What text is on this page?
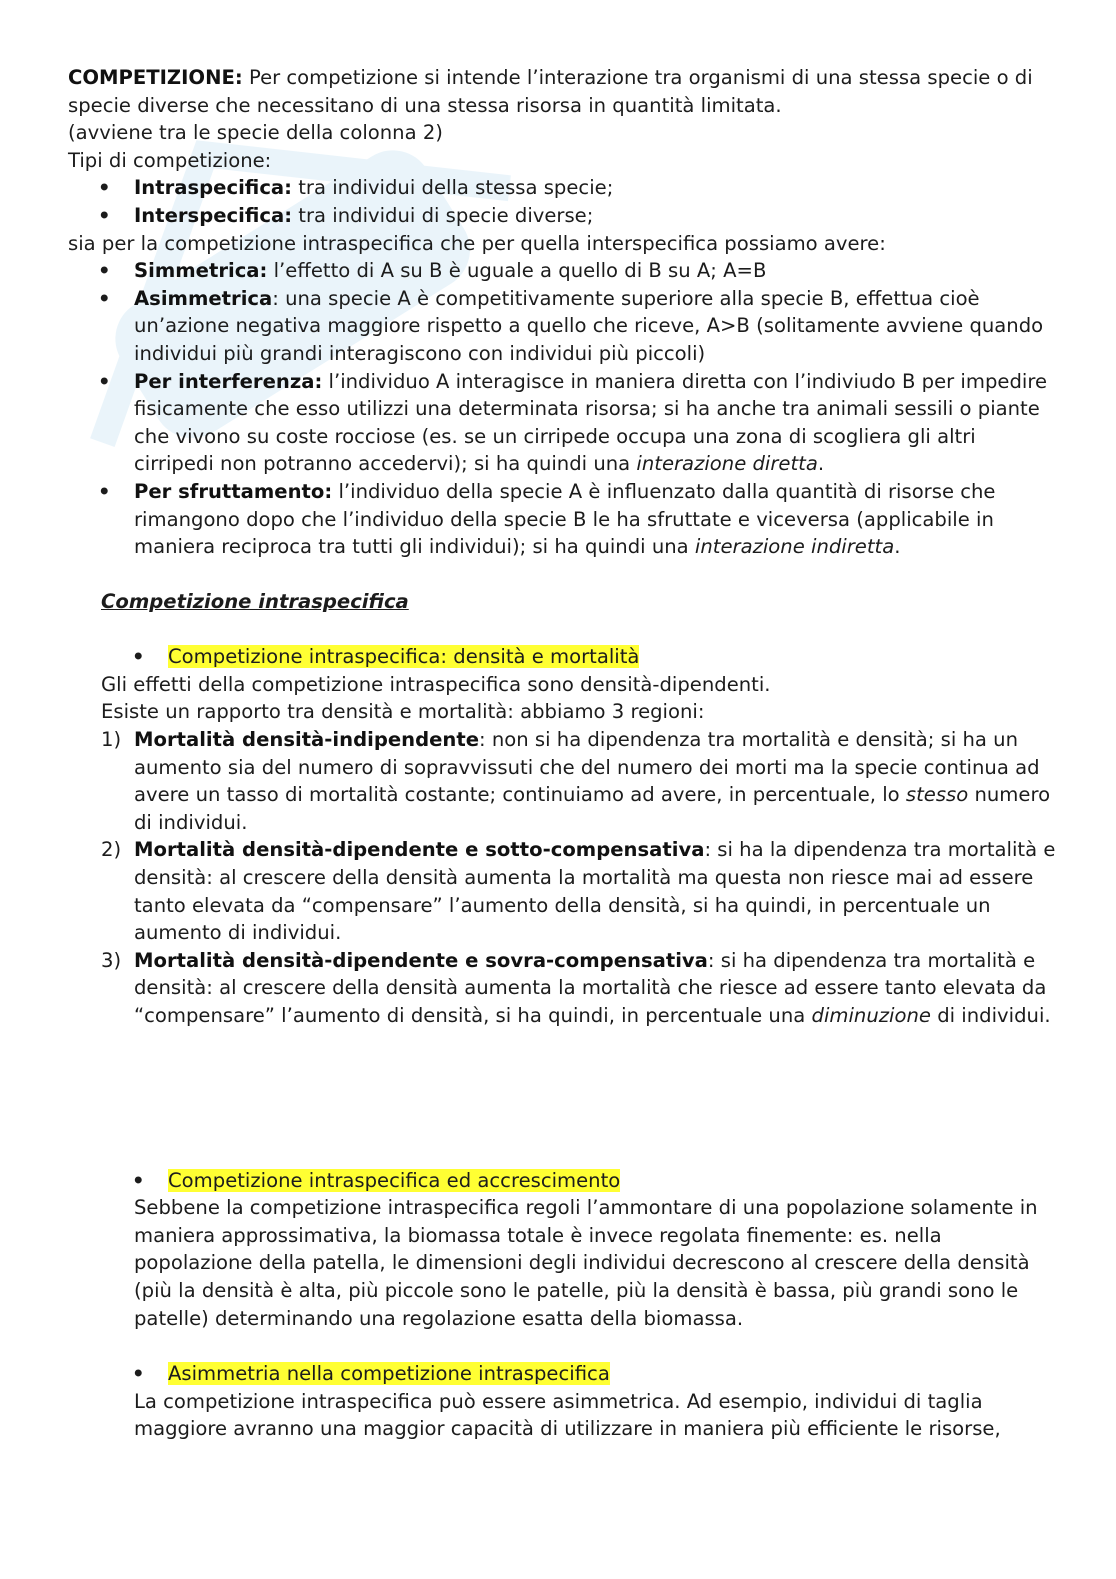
COMPETIZIONE: Per competizione si intende l’interazione tra organismi di una stessa specie o di specie diverse che necessitano di una stessa risorsa in quantità limitata.

(avviene tra le specie della colonna 2)

Tipi di competizione:

• Intraspecifica: tra individui della stessa specie;

• Interspecifica: tra individui di specie diverse;

sia per la competizione intraspecifica che per quella interspecifica possiamo avere:

• Simmetrica: l’effetto di A su B è uguale a quello di B su A; A=B

• Asimmetrica: una specie A è competitivamente superiore alla specie B, effettua cioè un’azione negativa maggiore rispetto a quello che riceve, A>B (solitamente avviene quando individui più grandi interagiscono con individui più piccoli)

• Per interferenza: l’individuo A interagisce in maniera diretta con l’indiviudo B per impedire fisicamente che esso utilizzi una determinata risorsa; si ha anche tra animali sessili o piante che vivono su coste rocciose (es. se un cirripede occupa una zona di scogliera gli altri cirripedi non potranno accedervi); si ha quindi una interazione diretta.

• Per sfruttamento: l’individuo della specie A è influenzato dalla quantità di risorse che rimangono dopo che l’individuo della specie B le ha sfruttate e viceversa (applicabile in maniera reciproca tra tutti gli individui); si ha quindi una interazione indiretta.

Competizione intraspecifica

• Competizione intraspecifica: densità e mortalità

Gli effetti della competizione intraspecifica sono densità-dipendenti.

Esiste un rapporto tra densità e mortalità: abbiamo 3 regioni:

1) Mortalità densità-indipendente: non si ha dipendenza tra mortalità e densità; si ha un aumento sia del numero di sopravvissuti che del numero dei morti ma la specie continua ad avere un tasso di mortalità costante; continuiamo ad avere, in percentuale, lo stesso numero di individui.

2) Mortalità densità-dipendente e sotto-compensativa: si ha la dipendenza tra mortalità e densità: al crescere della densità aumenta la mortalità ma questa non riesce mai ad essere tanto elevata da “compensare” l’aumento della densità, si ha quindi, in percentuale un aumento di individui.

3) Mortalità densità-dipendente e sovra-compensativa: si ha dipendenza tra mortalità e densità: al crescere della densità aumenta la mortalità che riesce ad essere tanto elevata da “compensare” l’aumento di densità, si ha quindi, in percentuale una diminuzione di individui.

• Competizione intraspecifica ed accrescimento

Sebbene la competizione intraspecifica regoli l’ammontare di una popolazione solamente in maniera approssimativa, la biomassa totale è invece regolata finemente: es. nella popolazione della patella, le dimensioni degli individui decrescono al crescere della densità (più la densità è alta, più piccole sono le patelle, più la densità è bassa, più grandi sono le patelle) determinando una regolazione esatta della biomassa.

• Asimmetria nella competizione intraspecifica

La competizione intraspecifica può essere asimmetrica. Ad esempio, individui di taglia maggiore avranno una maggior capacità di utilizzare in maniera più efficiente le risorse,
